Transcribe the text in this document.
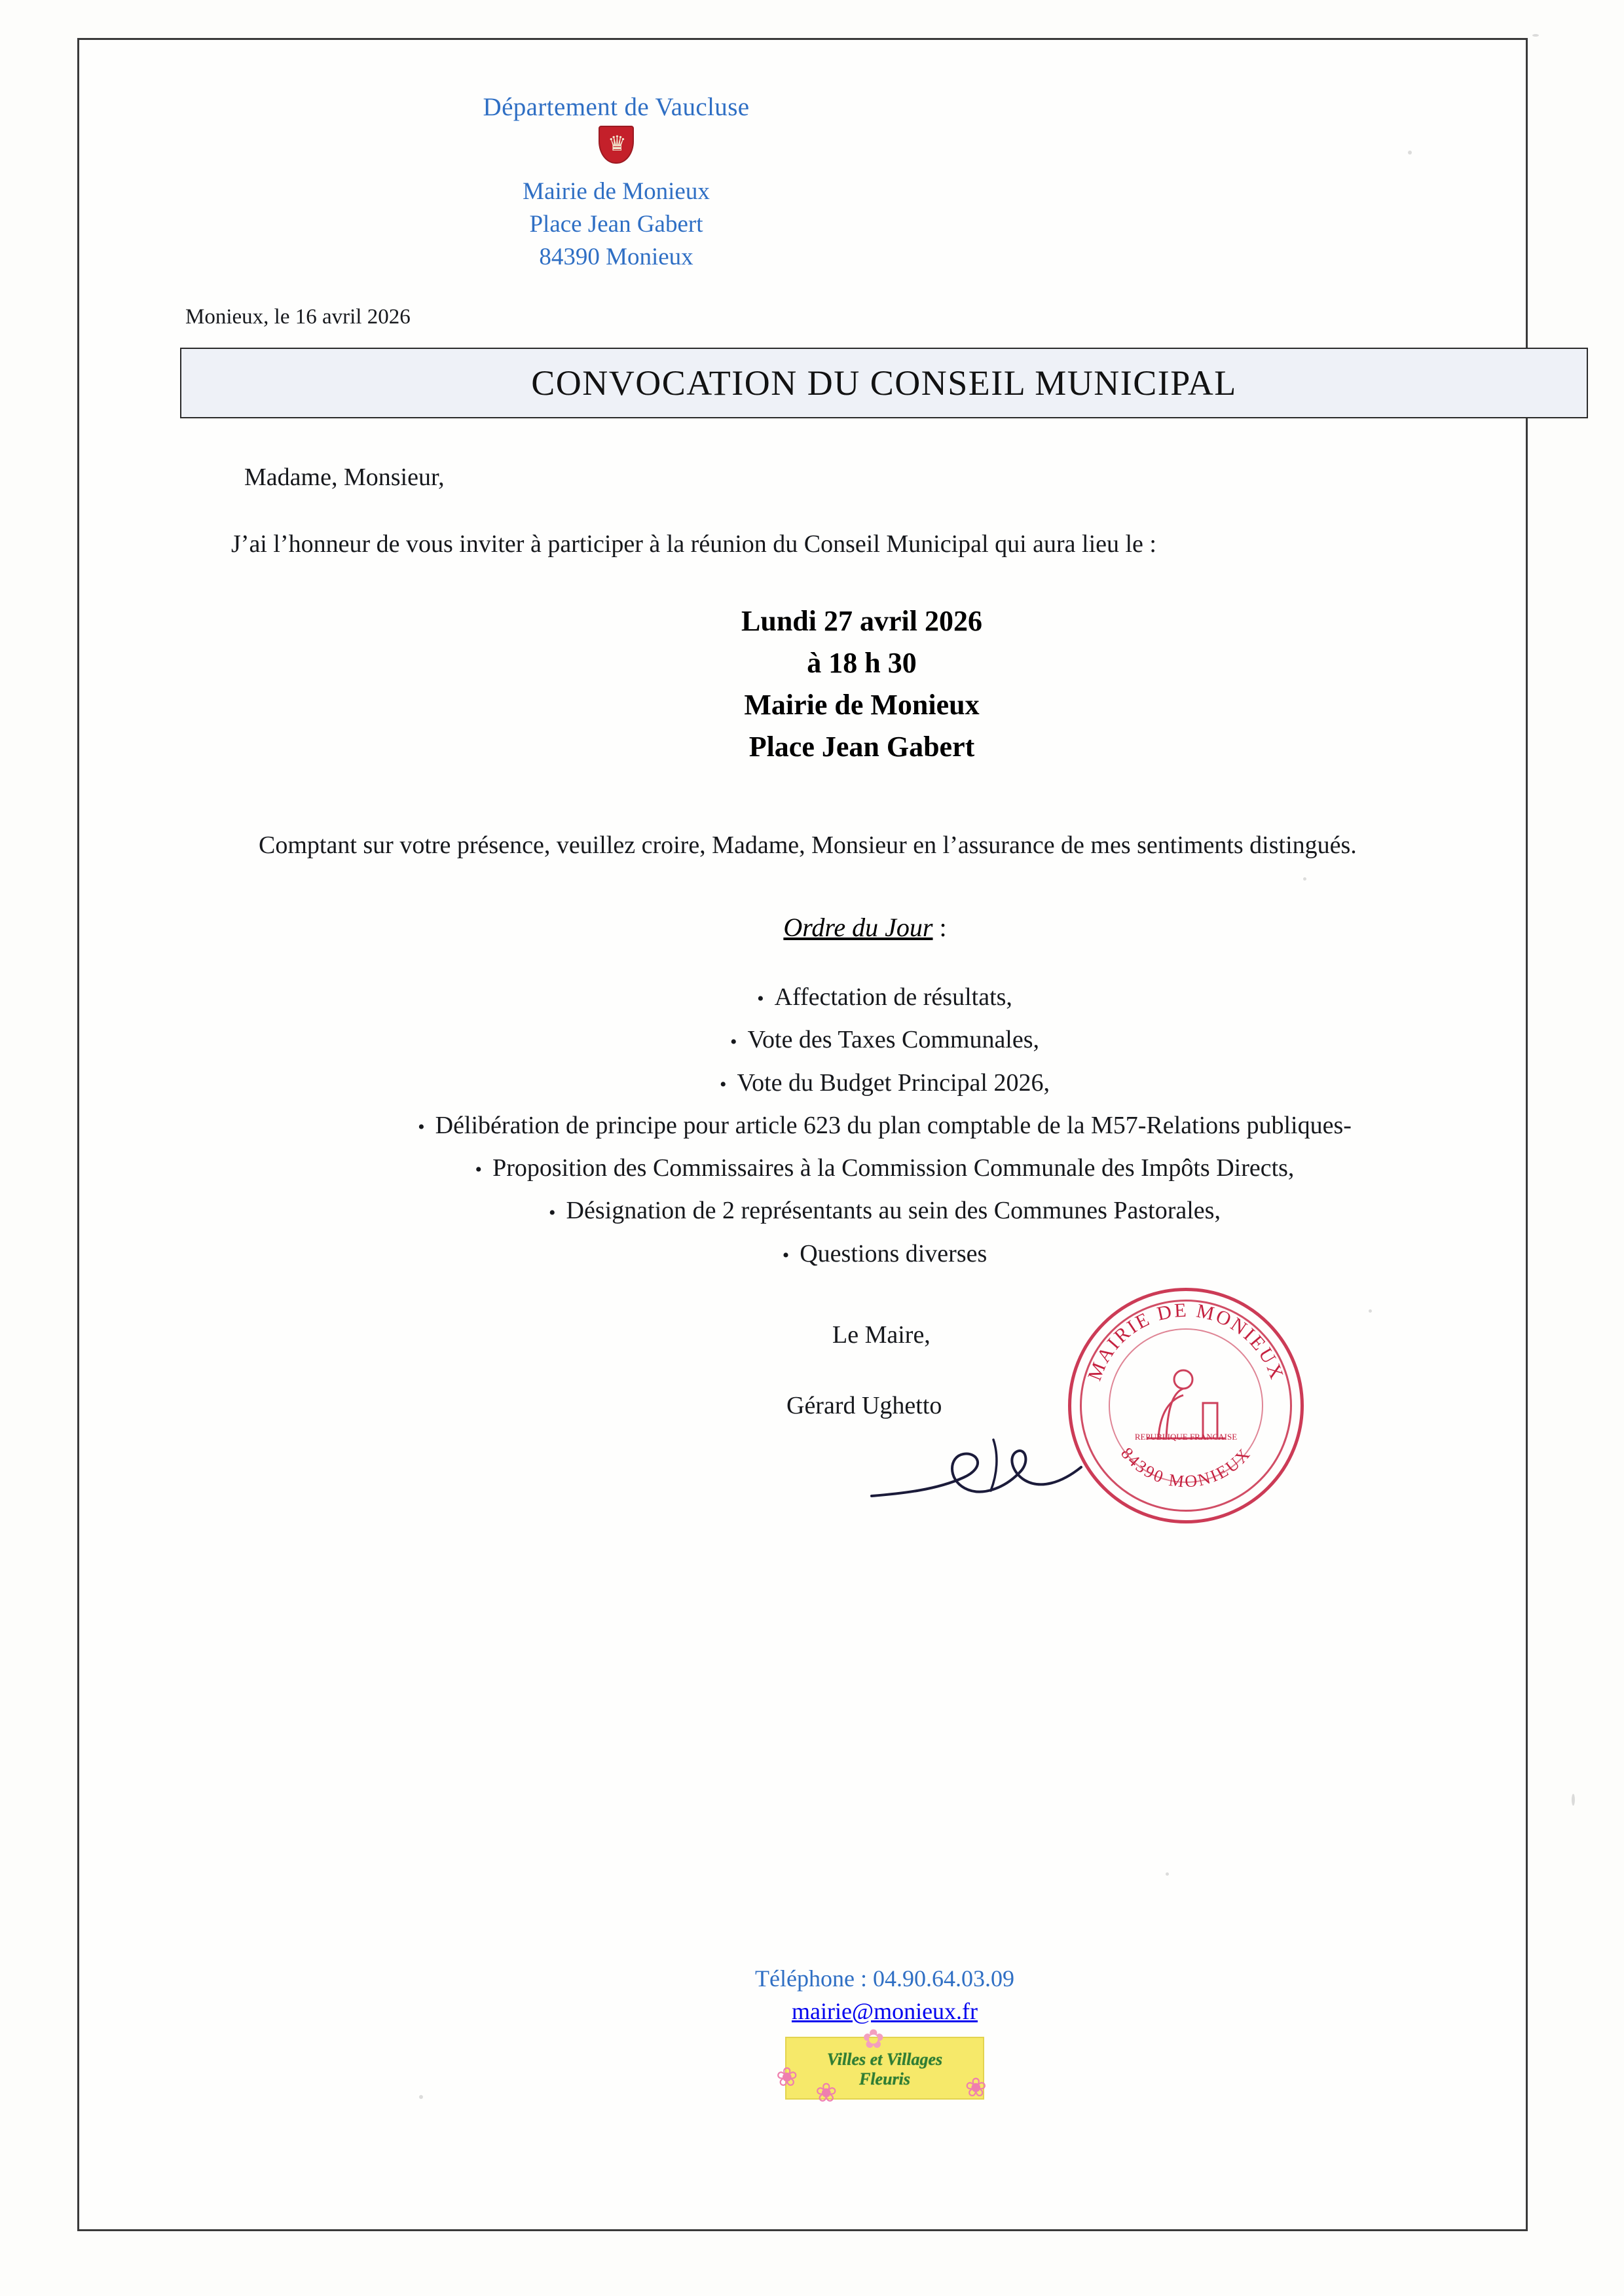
Département de Vaucluse
♛
Mairie de Monieux
Place Jean Gabert
84390 Monieux
Monieux, le 16 avril 2026
CONVOCATION DU CONSEIL MUNICIPAL
Madame, Monsieur,
J’ai l’honneur de vous inviter à participer à la réunion du Conseil Municipal qui aura lieu le :
Lundi 27 avril 2026
à 18 h 30
Mairie de Monieux
Place Jean Gabert
Comptant sur votre présence, veuillez croire, Madame, Monsieur en l’assurance de mes sentiments distingués.
Ordre du Jour :
• Affectation de résultats,
• Vote des Taxes Communales,
• Vote du Budget Principal 2026,
• Délibération de principe pour article 623 du plan comptable de la M57-Relations publiques-
• Proposition des Commissaires à la Commission Communale des Impôts Directs,
• Désignation de 2 représentants au sein des Communes Pastorales,
• Questions diverses
Le Maire,
Gérard Ughetto
MAIRIE DE MONIEUX
84390 MONIEUX
REPUBLIQUE FRANCAISE
Téléphone : 04.90.64.03.09
mairie@monieux.fr
Villes et Villages
Fleuris
❀
❀
✿
❀
